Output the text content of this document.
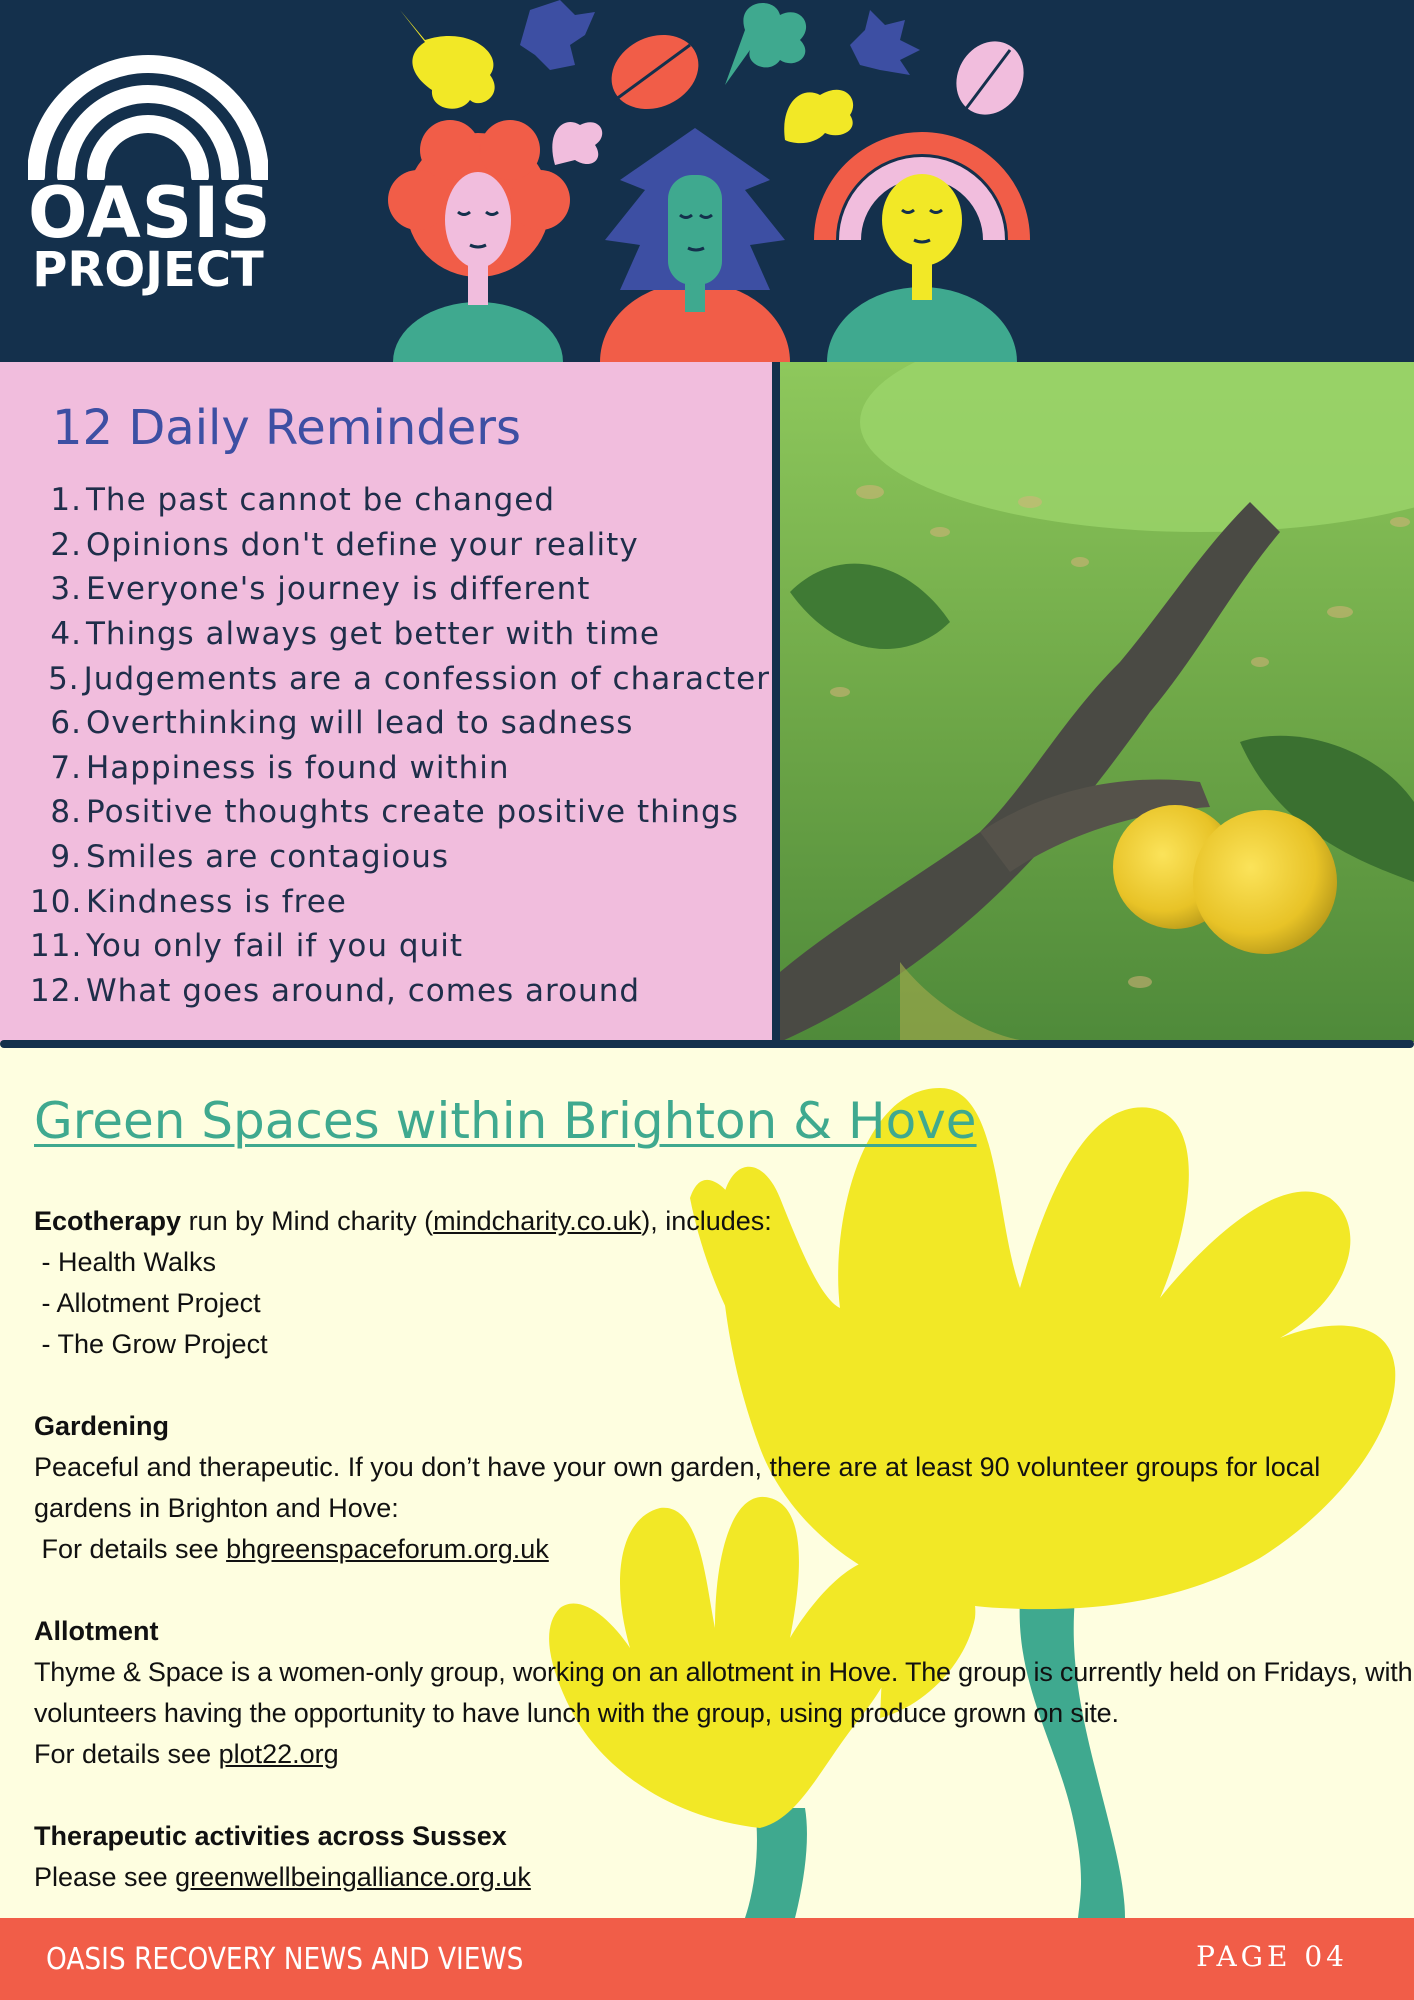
OASIS
PROJECT
12 Daily Reminders
1. The past cannot be changed
2. Opinions don't define your reality
3. Everyone's journey is different
4. Things always get better with time
5. Judgements are a confession of character
6. Overthinking will lead to sadness
7. Happiness is found within
8. Positive thoughts create positive things
9. Smiles are contagious
10. Kindness is free
11. You only fail if you quit
12. What goes around, comes around
Green Spaces within Brighton & Hove
Ecotherapy run by Mind charity (mindcharity.co.uk), includes:
- Health Walks
- Allotment Project
- The Grow Project
Gardening
Peaceful and therapeutic. If you don’t have your own garden, there are at least 90 volunteer groups for local gardens in Brighton and Hove:
For details see bhgreenspaceforum.org.uk
Allotment
Thyme & Space is a women-only group, working on an allotment in Hove. The group is currently held on Fridays, with volunteers having the opportunity to have lunch with the group, using produce grown on site.
For details see plot22.org
Therapeutic activities across Sussex
Please see greenwellbeingalliance.org.uk
OASIS RECOVERY NEWS AND VIEWS	PAGE 04
